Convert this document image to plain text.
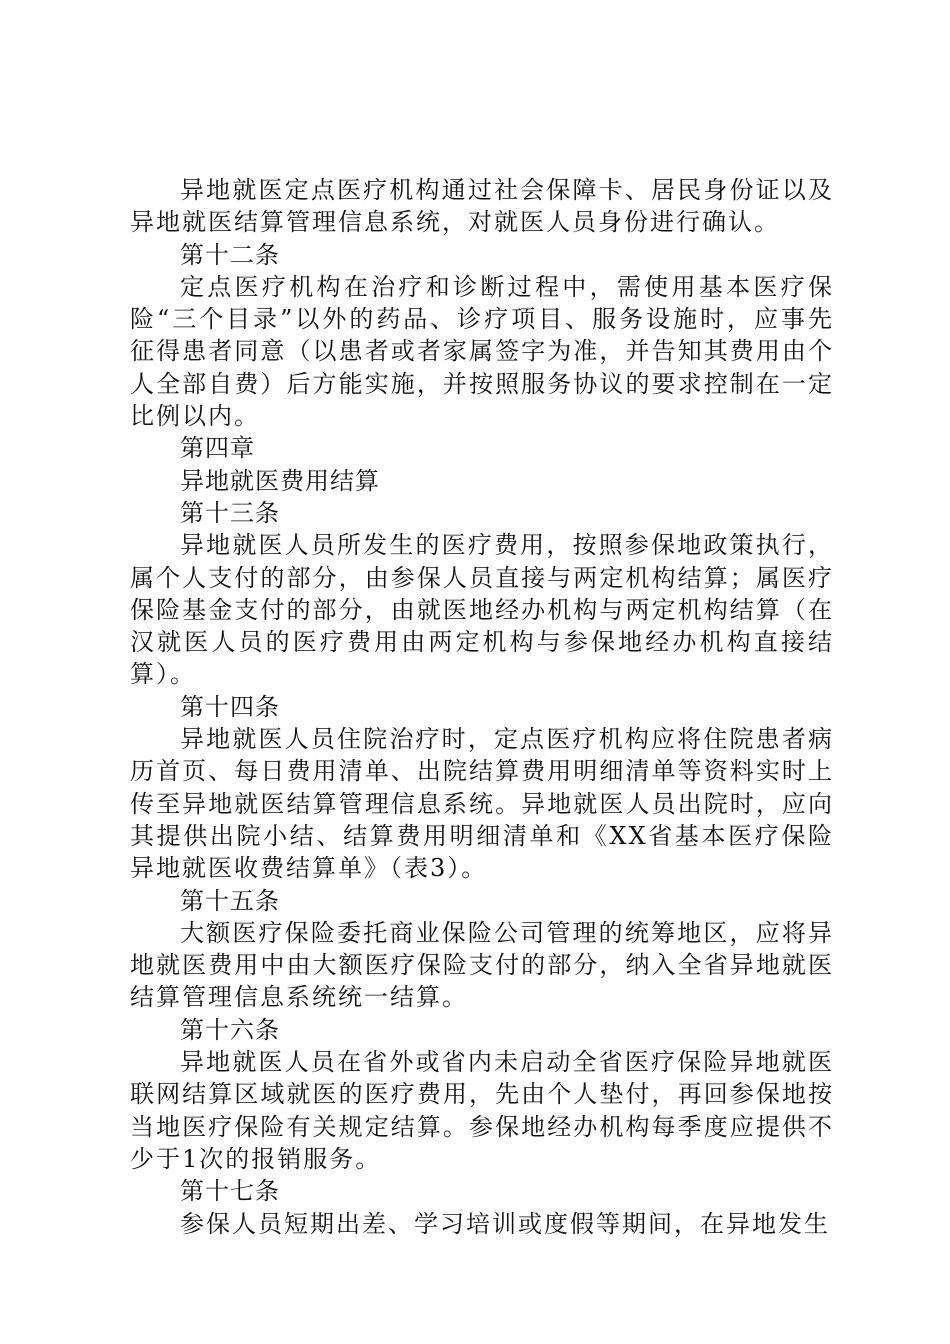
异地就医定点医疗机构通过社会保障卡、居民身份证以及异地就医结算管理信息系统，对就医人员身份进行确认。

第十二条

定点医疗机构在治疗和诊断过程中，需使用基本医疗保险“三个目录”以外的药品、诊疗项目、服务设施时，应事先征得患者同意（以患者或者家属签字为准，并告知其费用由个人全部自费）后方能实施，并按照服务协议的要求控制在一定比例以内。

第四章

异地就医费用结算

第十三条

异地就医人员所发生的医疗费用，按照参保地政策执行，属个人支付的部分，由参保人员直接与两定机构结算；属医疗保险基金支付的部分，由就医地经办机构与两定机构结算（在汉就医人员的医疗费用由两定机构与参保地经办机构直接结算）。

第十四条

异地就医人员住院治疗时，定点医疗机构应将住院患者病历首页、每日费用清单、出院结算费用明细清单等资料实时上传至异地就医结算管理信息系统。异地就医人员出院时，应向其提供出院小结、结算费用明细清单和《XX省基本医疗保险异地就医收费结算单》（表3）。

第十五条

大额医疗保险委托商业保险公司管理的统筹地区，应将异地就医费用中由大额医疗保险支付的部分，纳入全省异地就医结算管理信息系统统一结算。

第十六条

异地就医人员在省外或省内未启动全省医疗保险异地就医联网结算区域就医的医疗费用，先由个人垫付，再回参保地按当地医疗保险有关规定结算。参保地经办机构每季度应提供不少于1次的报销服务。

第十七条

参保人员短期出差、学习培训或度假等期间，在异地发生
